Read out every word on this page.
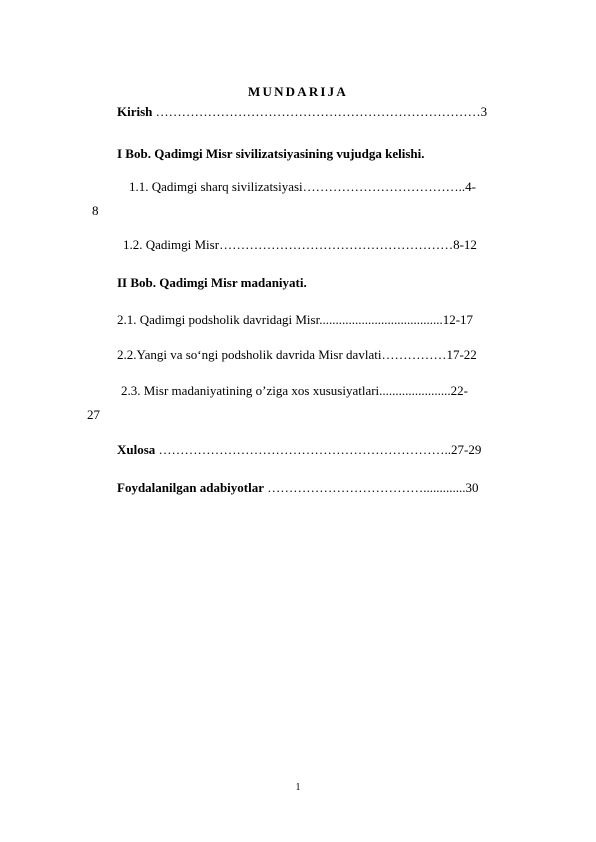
MUNDARIJA
Kirish …………………………………………………………………3
I Bob. Qadimgi Misr sivilizatsiyasining vujudga kelishi.
1.1. Qadimgi sharq sivilizatsiyasi………………………………..4-
8
1.2. Qadimgi Misr………………………………………………8-12
II Bob. Qadimgi Misr madaniyati.
2.1. Qadimgi podsholik davridagi Misr......................................12-17
2.2.Yangi va so‘ngi podsholik davrida Misr davlati……………17-22
2.3. Misr madaniyatining o’ziga xos xususiyatlari......................22-
27
Xulosa …………………………………………………………..27-29
Foydalanilgan adabiyotlar ……………………………….............30
1
